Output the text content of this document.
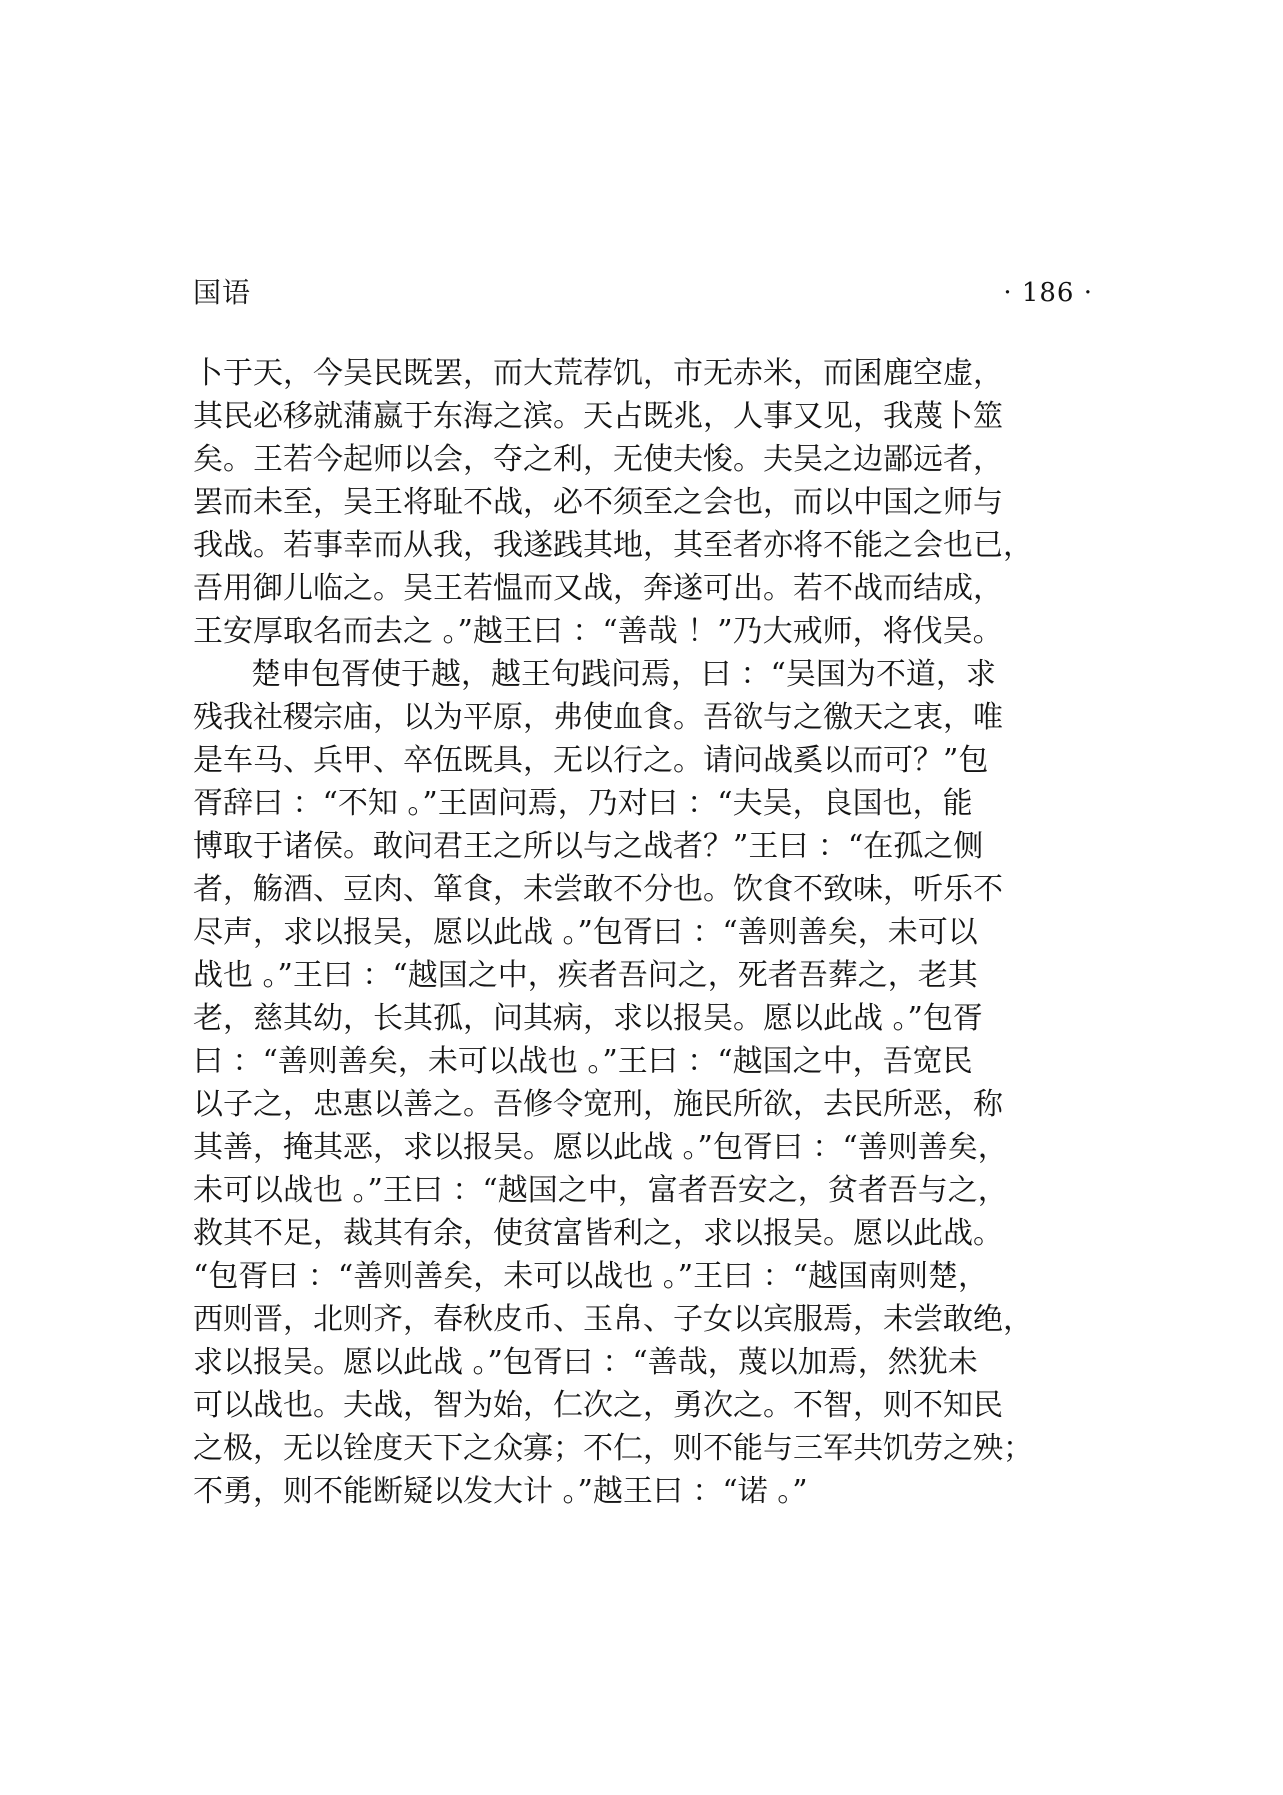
国语	· 186 ·
卜于天，今吴民既罢，而大荒荐饥，市无赤米，而囷鹿空虚，
其民必移就蒲嬴于东海之滨。天占既兆，人事又见，我蔑卜筮
矣。王若今起师以会，夺之利，无使夫悛。夫吴之边鄙远者，
罢而未至，吴王将耻不战，必不须至之会也，而以中国之师与
我战。若事幸而从我，我遂践其地，其至者亦将不能之会也已，
吾用御儿临之。吴王若愠而又战，奔遂可出。若不战而结成，
王安厚取名而去之 。”越王曰 ：“善哉 ！”乃大戒师，将伐吴。
楚申包胥使于越，越王句践问焉，曰 ：“吴国为不道，求
残我社稷宗庙，以为平原，弗使血食。吾欲与之徼天之衷，唯
是车马、兵甲、卒伍既具，无以行之。请问战奚以而可？”包
胥辞曰 ：“不知 。”王固问焉，乃对曰 ：“夫吴，良国也，能
博取于诸侯。敢问君王之所以与之战者？”王曰 ：“在孤之侧
者，觞酒、豆肉、箪食，未尝敢不分也。饮食不致味，听乐不
尽声，求以报吴，愿以此战 。”包胥曰 ：“善则善矣，未可以
战也 。”王曰 ：“越国之中，疾者吾问之，死者吾葬之，老其
老，慈其幼，长其孤，问其病，求以报吴。愿以此战 。”包胥
曰 ：“善则善矣，未可以战也 。”王曰 ：“越国之中，吾宽民
以子之，忠惠以善之。吾修令宽刑，施民所欲，去民所恶，称
其善，掩其恶，求以报吴。愿以此战 。”包胥曰 ：“善则善矣，
未可以战也 。”王曰 ：“越国之中，富者吾安之，贫者吾与之，
救其不足，裁其有余，使贫富皆利之，求以报吴。愿以此战。
“包胥曰 ：“善则善矣，未可以战也 。”王曰 ：“越国南则楚，
西则晋，北则齐，春秋皮币、玉帛、子女以宾服焉，未尝敢绝，
求以报吴。愿以此战 。”包胥曰 ：“善哉，蔑以加焉，然犹未
可以战也。夫战，智为始，仁次之，勇次之。不智，则不知民
之极，无以铨度天下之众寡；不仁，则不能与三军共饥劳之殃；
不勇，则不能断疑以发大计 。”越王曰 ：“诺 。”
